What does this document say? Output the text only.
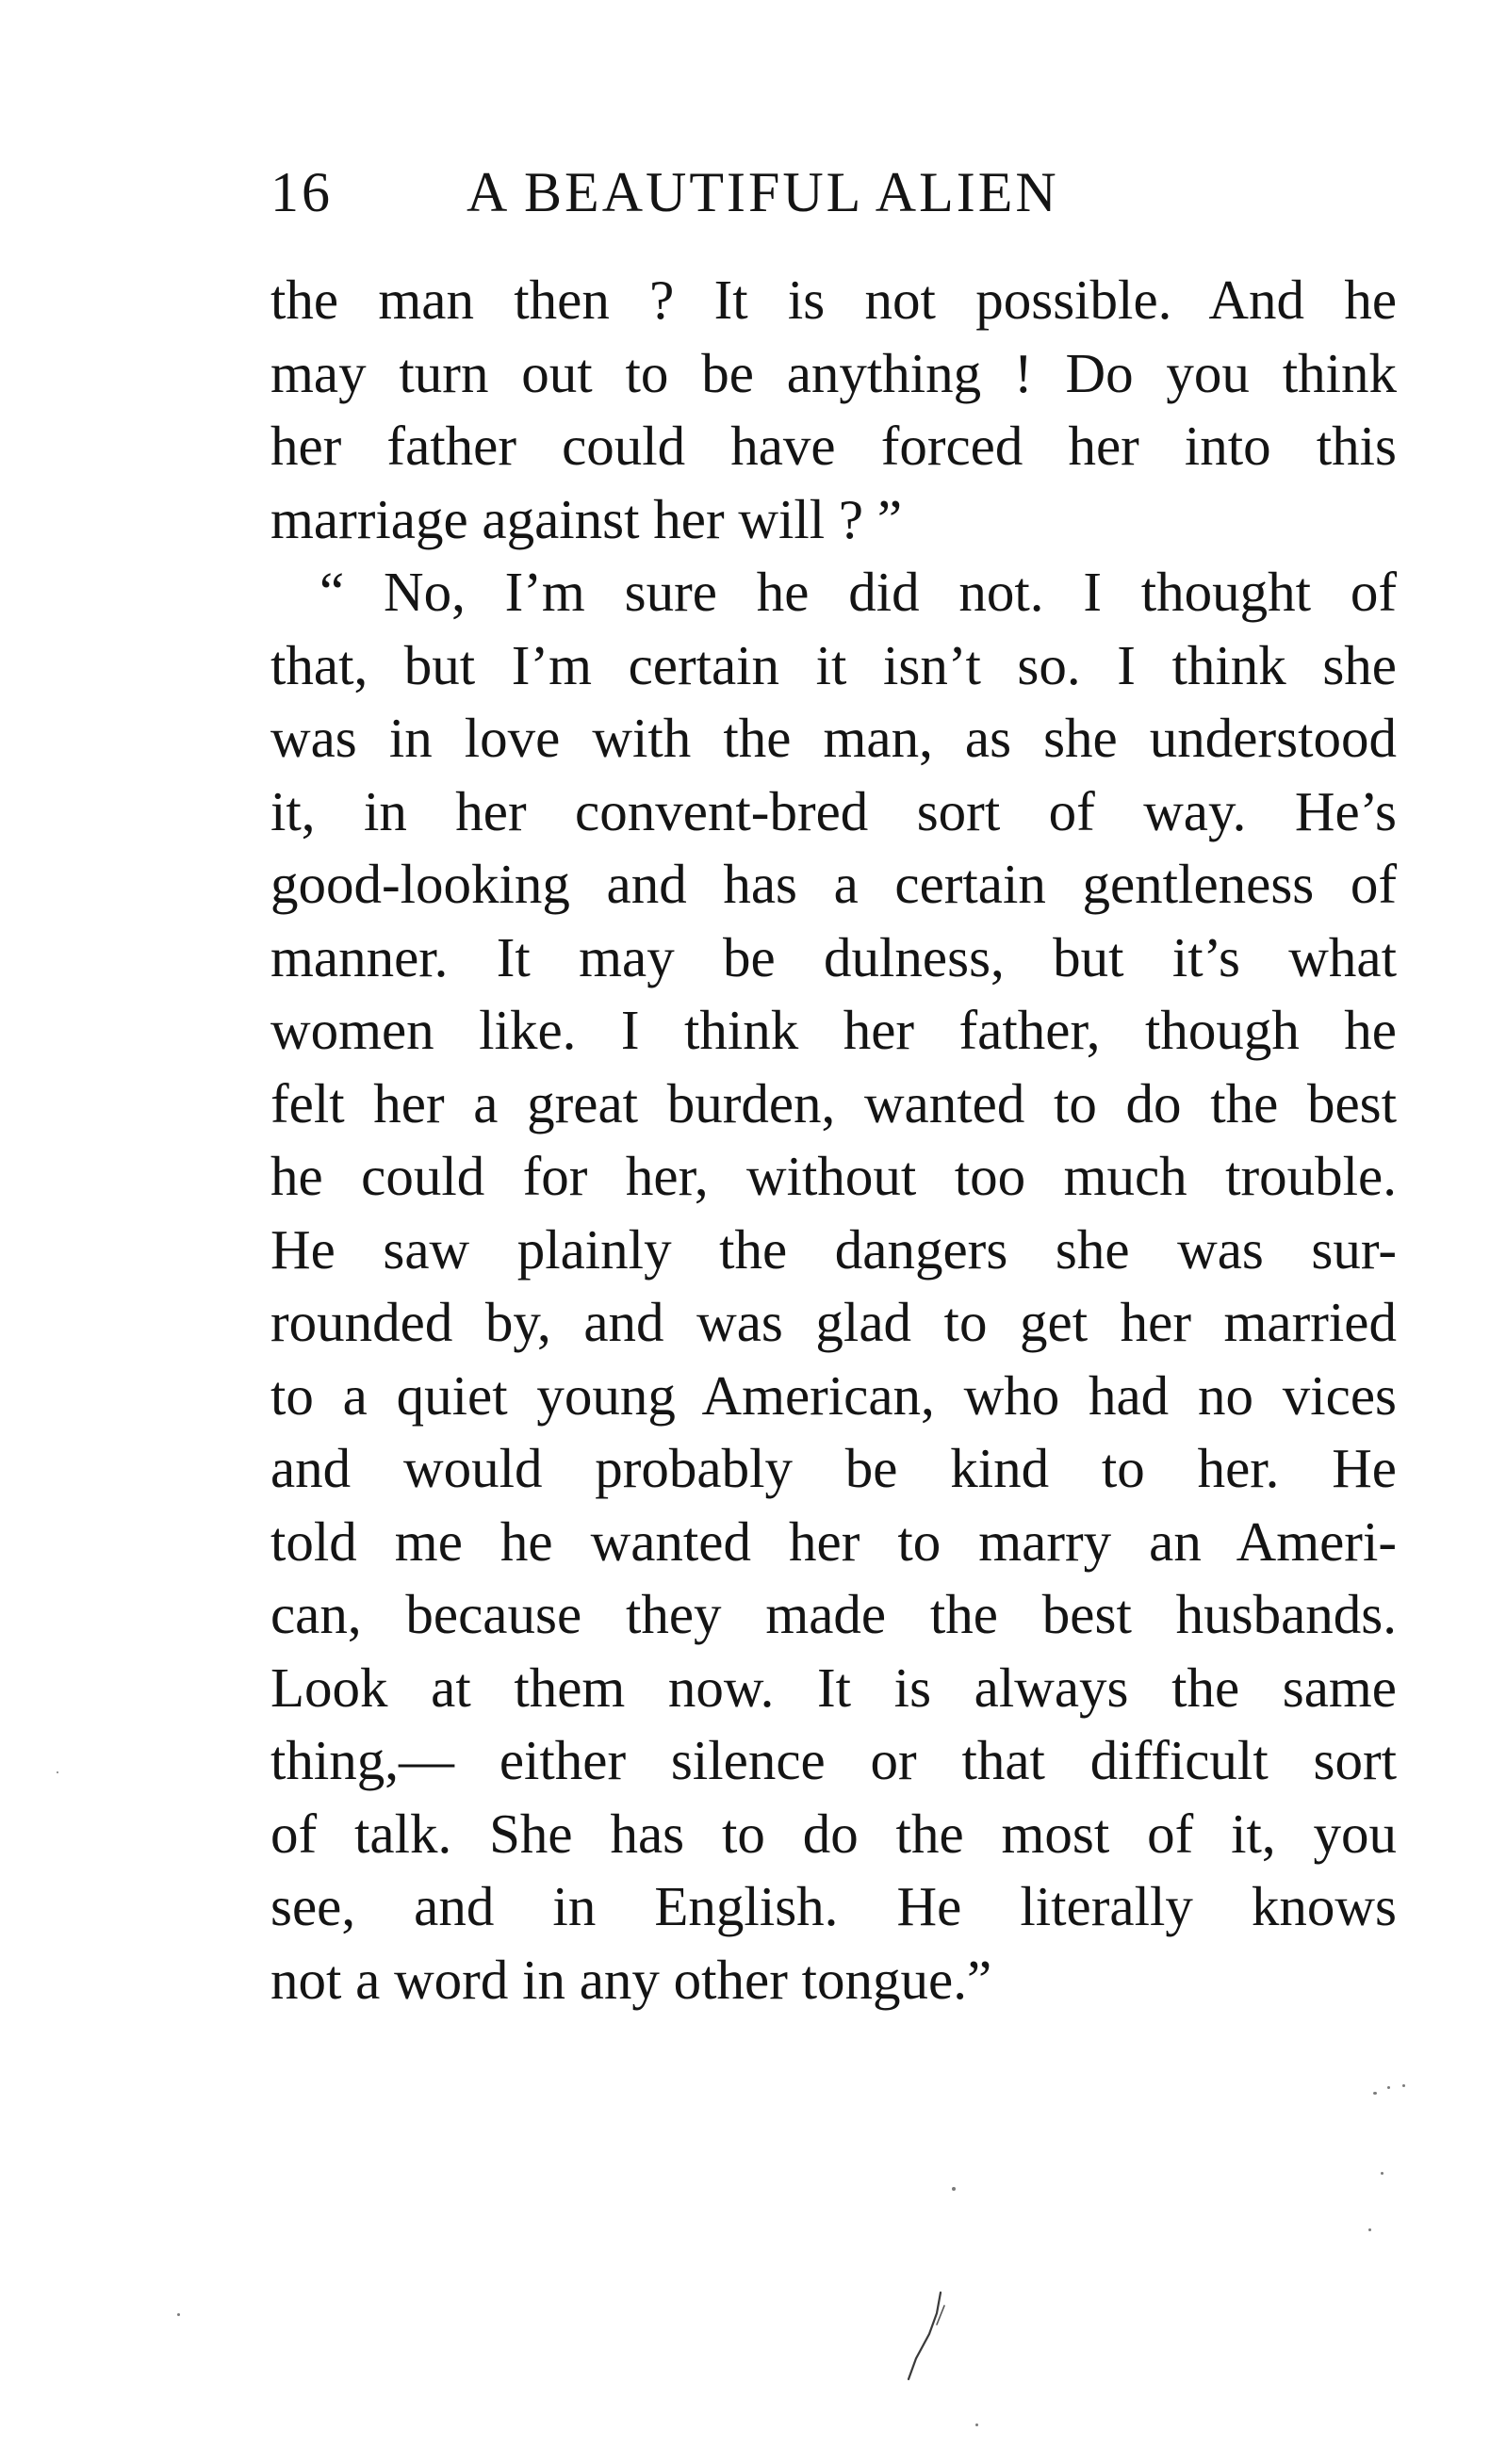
16 A BEAUTIFUL ALIEN
the man then ? It is not possible. And he
may turn out to be anything ! Do you think
her father could have forced her into this
marriage against her will ? ”
“ No, I’m sure he did not. I thought of
that, but I’m certain it isn’t so. I think she
was in love with the man, as she understood
it, in her convent-bred sort of way. He’s
good-looking and has a certain gentleness of
manner. It may be dulness, but it’s what
women like. I think her father, though he
felt her a great burden, wanted to do the best
he could for her, without too much trouble.
He saw plainly the dangers she was sur-
rounded by, and was glad to get her married
to a quiet young American, who had no vices
and would probably be kind to her. He
told me he wanted her to marry an Ameri-
can, because they made the best husbands.
Look at them now. It is always the same
thing,— either silence or that difficult sort
of talk. She has to do the most of it, you
see, and in English. He literally knows
not a word in any other tongue.”
